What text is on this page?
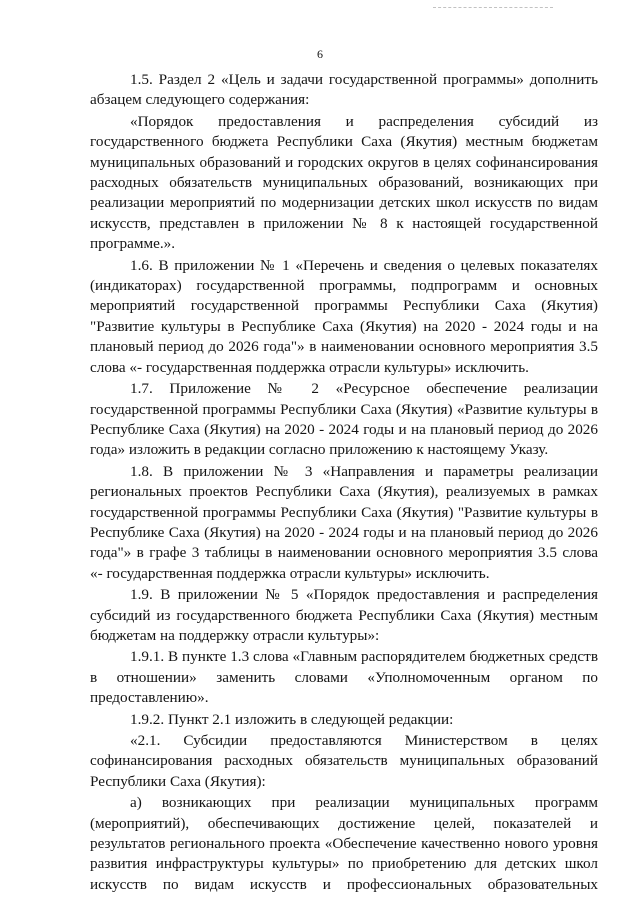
6

1.5. Раздел 2 «Цель и задачи государственной программы» дополнить абзацем следующего содержания:

«Порядок предоставления и распределения субсидий из государственного бюджета Республики Саха (Якутия) местным бюджетам муниципальных образований и городских округов в целях софинансирования расходных обязательств муниципальных образований, возникающих при реализации мероприятий по модернизации детских школ искусств по видам искусств, представлен в приложении № 8 к настоящей государственной программе.».

1.6. В приложении № 1 «Перечень и сведения о целевых показателях (индикаторах) государственной программы, подпрограмм и основных мероприятий государственной программы Республики Саха (Якутия) "Развитие культуры в Республике Саха (Якутия) на 2020 - 2024 годы и на плановый период до 2026 года"» в наименовании основного мероприятия 3.5 слова «- государственная поддержка отрасли культуры» исключить.

1.7. Приложение № 2 «Ресурсное обеспечение реализации государственной программы Республики Саха (Якутия) «Развитие культуры в Республике Саха (Якутия) на 2020 - 2024 годы и на плановый период до 2026 года» изложить в редакции согласно приложению к настоящему Указу.

1.8. В приложении № 3 «Направления и параметры реализации региональных проектов Республики Саха (Якутия), реализуемых в рамках государственной программы Республики Саха (Якутия) "Развитие культуры в Республике Саха (Якутия) на 2020 - 2024 годы и на плановый период до 2026 года"» в графе 3 таблицы в наименовании основного мероприятия 3.5 слова «- государственная поддержка отрасли культуры» исключить.

1.9. В приложении № 5 «Порядок предоставления и распределения субсидий из государственного бюджета Республики Саха (Якутия) местным бюджетам на поддержку отрасли культуры»:

1.9.1. В пункте 1.3 слова «Главным распорядителем бюджетных средств в отношении» заменить словами «Уполномоченным органом по предоставлению».

1.9.2. Пункт 2.1 изложить в следующей редакции:

«2.1. Субсидии предоставляются Министерством в целях софинансирования расходных обязательств муниципальных образований Республики Саха (Якутия):

а) возникающих при реализации муниципальных программ (мероприятий), обеспечивающих достижение целей, показателей и результатов регионального проекта «Обеспечение качественно нового уровня развития инфраструктуры культуры» по приобретению для детских школ искусств по видам искусств и профессиональных образовательных
